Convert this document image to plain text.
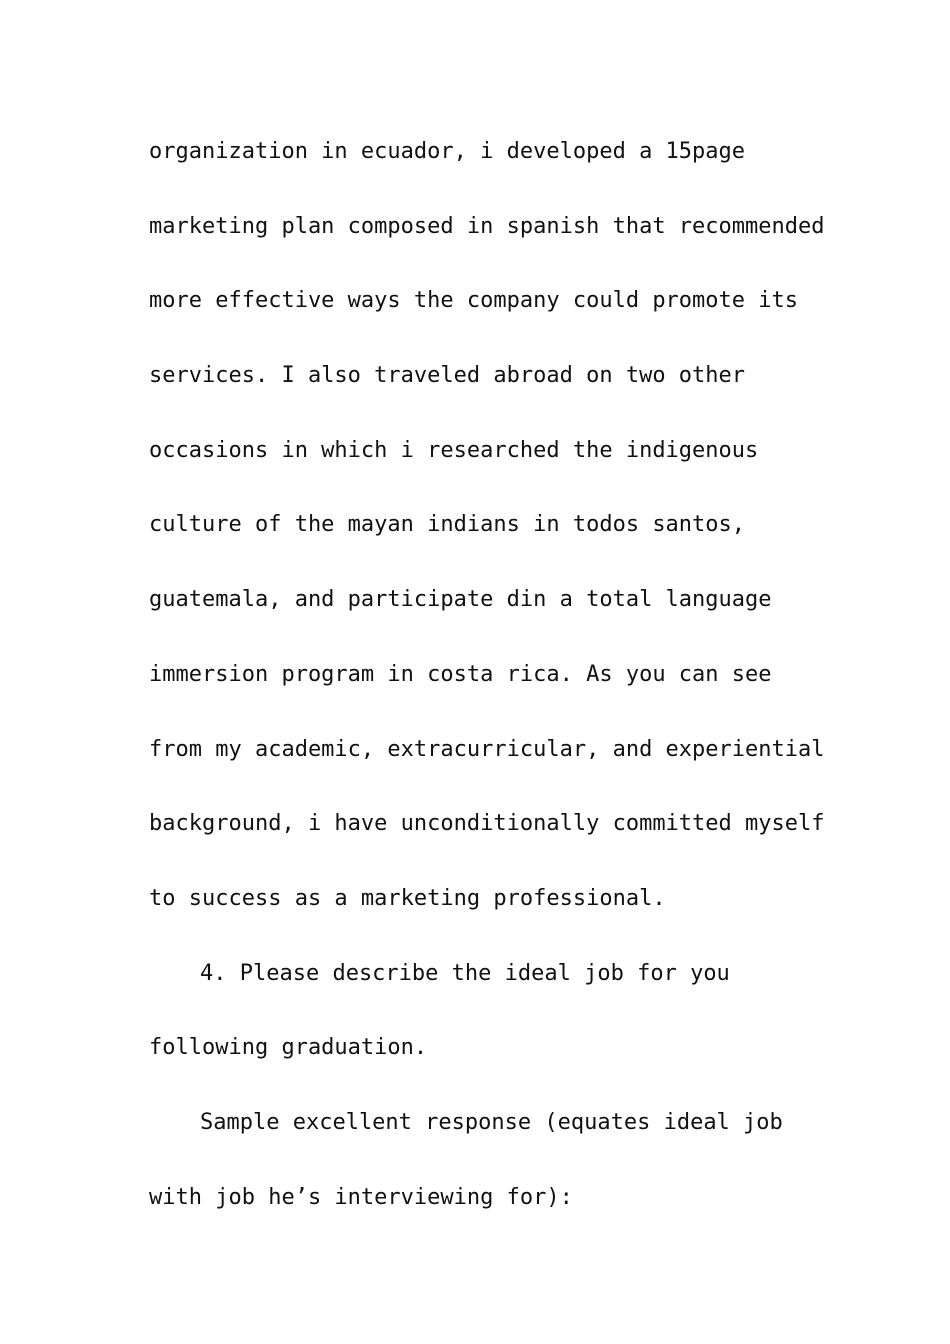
organization in ecuador, i developed a 15page
marketing plan composed in spanish that recommended
more effective ways the company could promote its
services. I also traveled abroad on two other
occasions in which i researched the indigenous
culture of the mayan indians in todos santos,
guatemala, and participate din a total language
immersion program in costa rica. As you can see
from my academic, extracurricular, and experiential
background, i have unconditionally committed myself
to success as a marketing professional.
4. Please describe the ideal job for you
following graduation.
Sample excellent response (equates ideal job
with job he’s interviewing for):
